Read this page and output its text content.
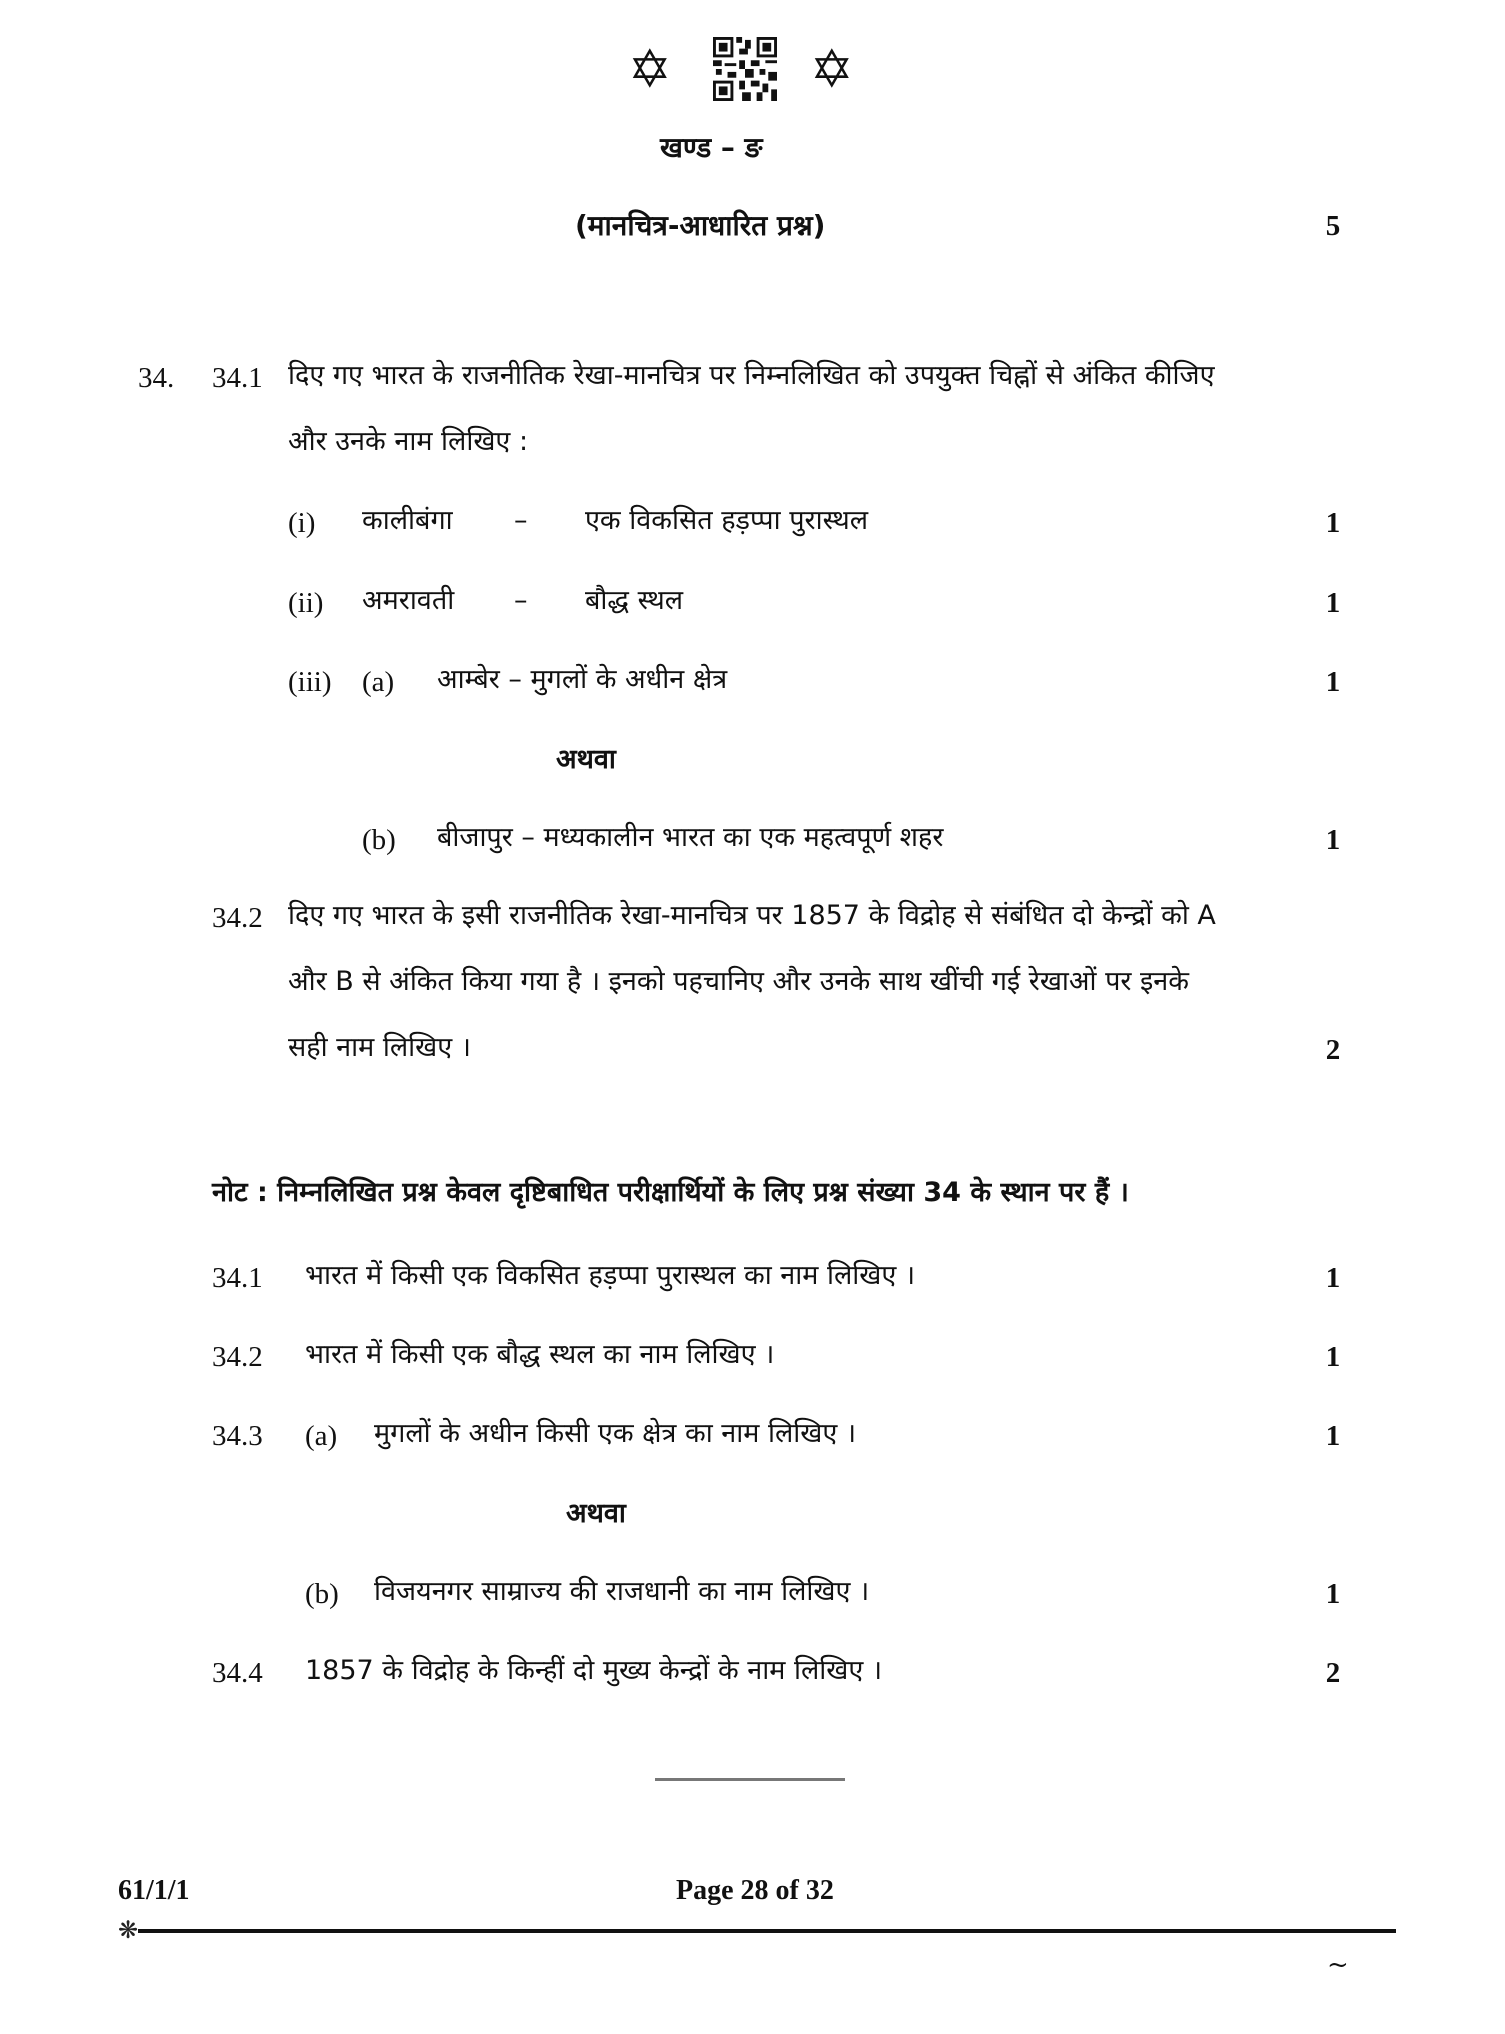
✡	✡
खण्ड – ङ
(मानचित्र-आधारित प्रश्न)	5
34. 34.1 दिए गए भारत के राजनीतिक रेखा-मानचित्र पर निम्नलिखित को उपयुक्त चिह्नों से अंकित कीजिए
और उनके नाम लिखिए :
(i) कालीबंगा – एक विकसित हड़प्पा पुरास्थल	1
(ii) अमरावती – बौद्ध स्थल	1
(iii) (a) आम्बेर – मुगलों के अधीन क्षेत्र	1
अथवा
(b) बीजापुर – मध्यकालीन भारत का एक महत्वपूर्ण शहर	1
34.2 दिए गए भारत के इसी राजनीतिक रेखा-मानचित्र पर 1857 के विद्रोह से संबंधित दो केन्द्रों को A
और B से अंकित किया गया है । इनको पहचानिए और उनके साथ खींची गई रेखाओं पर इनके
सही नाम लिखिए ।	2
नोट : निम्नलिखित प्रश्न केवल दृष्टिबाधित परीक्षार्थियों के लिए प्रश्न संख्या 34 के स्थान पर हैं ।
34.1 भारत में किसी एक विकसित हड़प्पा पुरास्थल का नाम लिखिए ।	1
34.2 भारत में किसी एक बौद्ध स्थल का नाम लिखिए ।	1
34.3 (a) मुगलों के अधीन किसी एक क्षेत्र का नाम लिखिए ।	1
अथवा
(b) विजयनगर साम्राज्य की राजधानी का नाम लिखिए ।	1
34.4 1857 के विद्रोह के किन्हीं दो मुख्य केन्द्रों के नाम लिखिए ।	2
61/1/1	Page 28 of 32
❋
~
